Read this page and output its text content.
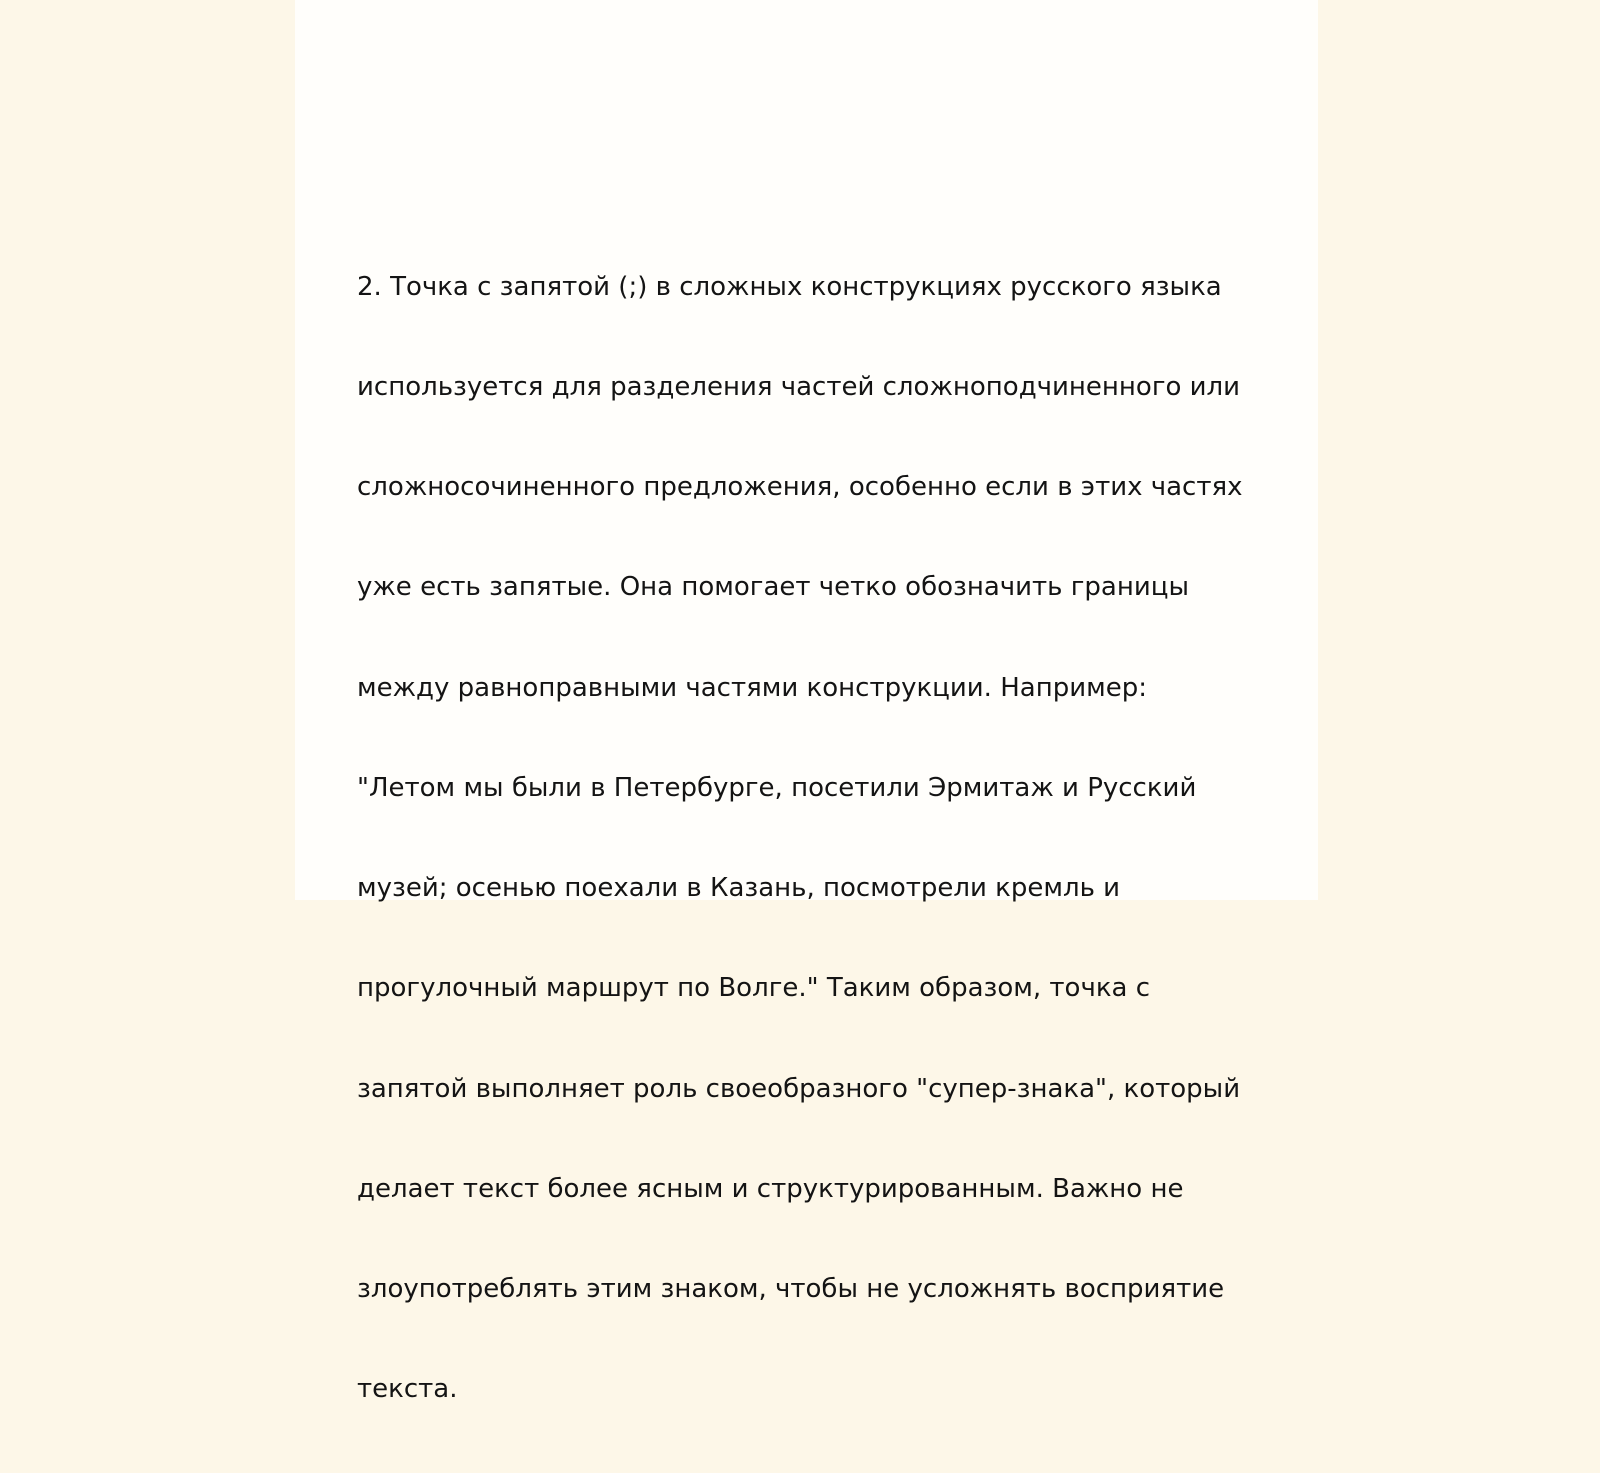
2. Точка с запятой (;) в сложных конструкциях русского языка

используется для разделения частей сложноподчиненного или

сложносочиненного предложения, особенно если в этих частях

уже есть запятые. Она помогает четко обозначить границы

между равноправными частями конструкции. Например:

"Летом мы были в Петербурге, посетили Эрмитаж и Русский

музей; осенью поехали в Казань, посмотрели кремль и

прогулочный маршрут по Волге." Таким образом, точка с

запятой выполняет роль своеобразного "супер-знака", который

делает текст более ясным и структурированным. Важно не

злоупотреблять этим знаком, чтобы не усложнять восприятие

текста.
